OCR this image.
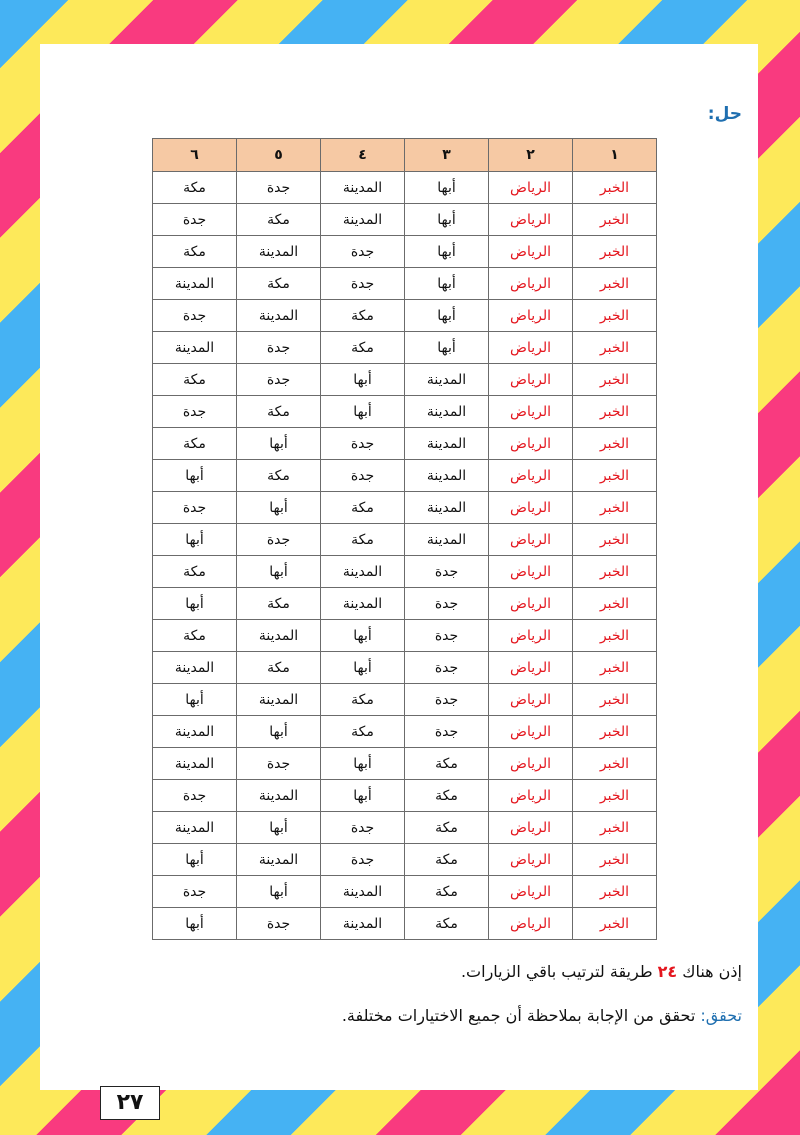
حل:
١	٢	٣	٤	٥	٦
الخبر	الرياض	أبها	المدينة	جدة	مكة
الخبر	الرياض	أبها	المدينة	مكة	جدة
الخبر	الرياض	أبها	جدة	المدينة	مكة
الخبر	الرياض	أبها	جدة	مكة	المدينة
الخبر	الرياض	أبها	مكة	المدينة	جدة
الخبر	الرياض	أبها	مكة	جدة	المدينة
الخبر	الرياض	المدينة	أبها	جدة	مكة
الخبر	الرياض	المدينة	أبها	مكة	جدة
الخبر	الرياض	المدينة	جدة	أبها	مكة
الخبر	الرياض	المدينة	جدة	مكة	أبها
الخبر	الرياض	المدينة	مكة	أبها	جدة
الخبر	الرياض	المدينة	مكة	جدة	أبها
الخبر	الرياض	جدة	المدينة	أبها	مكة
الخبر	الرياض	جدة	المدينة	مكة	أبها
الخبر	الرياض	جدة	أبها	المدينة	مكة
الخبر	الرياض	جدة	أبها	مكة	المدينة
الخبر	الرياض	جدة	مكة	المدينة	أبها
الخبر	الرياض	جدة	مكة	أبها	المدينة
الخبر	الرياض	مكة	أبها	جدة	المدينة
الخبر	الرياض	مكة	أبها	المدينة	جدة
الخبر	الرياض	مكة	جدة	أبها	المدينة
الخبر	الرياض	مكة	جدة	المدينة	أبها
الخبر	الرياض	مكة	المدينة	أبها	جدة
الخبر	الرياض	مكة	المدينة	جدة	أبها
إذن هناك ٢٤ طريقة لترتيب باقي الزيارات.
تحقق: تحقق من الإجابة بملاحظة أن جميع الاختيارات مختلفة.
٢٧
